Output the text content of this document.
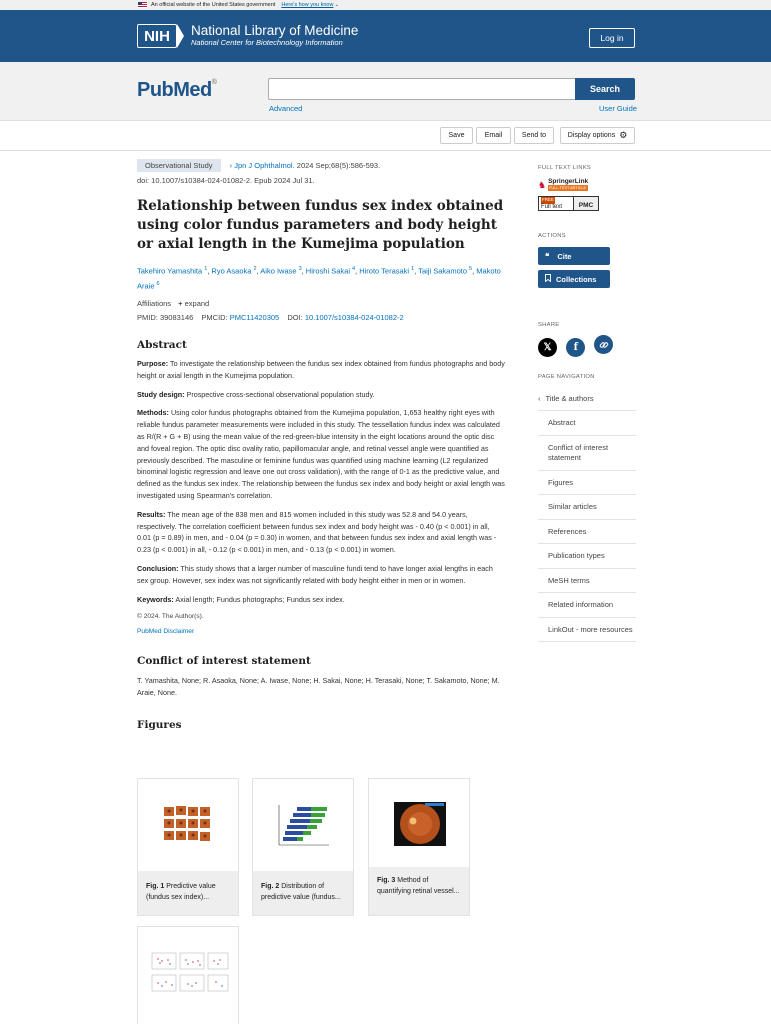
An official website of the United States government Here's how you know ⌄
NIH	National Library of Medicine
National Center for Biotechnology Information	Log in
PubMed®
Search
Advanced	User Guide
Save	Email	Send to	Display options ⚙
Observational Study › Jpn J Ophthalmol. 2024 Sep;68(5):586-593.
doi: 10.1007/s10384-024-01082-2. Epub 2024 Jul 31.
Relationship between fundus sex index obtained using color fundus parameters and body height or axial length in the Kumejima population
Takehiro Yamashita $^1$, Ryo Asaoka $^2$, Aiko Iwase $^3$, Hiroshi Sakai $^4$, Hiroto Terasaki $^1$, Taiji Sakamoto $^5$, Makoto Araie $^6$
Affiliations + expand
PMID: 39083146 PMCID: PMC11420305 DOI: 10.1007/s10384-024-01082-2
Abstract

Purpose: To investigate the relationship between the fundus sex index obtained from fundus photographs and body height or axial length in the Kumejima population.

Study design: Prospective cross-sectional observational population study.

Methods: Using color fundus photographs obtained from the Kumejima population, 1,653 healthy right eyes with reliable fundus parameter measurements were included in this study. The tessellation fundus index was calculated as R/(R + G + B) using the mean value of the red-green-blue intensity in the eight locations around the optic disc and foveal region. The optic disc ovality ratio, papillomacular angle, and retinal vessel angle were quantified as previously described. The masculine or feminine fundus was quantified using machine learning (L2 regularized binominal logistic regression and leave one out cross validation), with the range of 0-1 as the predictive value, and defined as the fundus sex index. The relationship between the fundus sex index and body height or axial length was investigated using Spearman's correlation.

Results: The mean age of the 838 men and 815 women included in this study was 52.8 and 54.0 years, respectively. The correlation coefficient between fundus sex index and body height was - 0.40 (p < 0.001) in all, 0.01 (p = 0.89) in men, and - 0.04 (p = 0.30) in women, and that between fundus sex index and axial length was - 0.23 (p < 0.001) in all, - 0.12 (p < 0.001) in men, and - 0.13 (p < 0.001) in women.

Conclusion: This study shows that a larger number of masculine fundi tend to have longer axial lengths in each sex group. However, sex index was not significantly related with body height either in men or in women.

Keywords: Axial length; Fundus photographs; Fundus sex index.

© 2024. The Author(s).
PubMed Disclaimer
Conflict of interest statement

T. Yamashita, None; R. Asaoka, None; A. Iwase, None; H. Sakai, None; H. Terasaki, None; T. Sakamoto, None; M. Araie, None.

Figures
Fig. 1 Predictive value (fundus sex index)...
Fig. 2 Distribution of predictive value (fundus...
Fig. 3 Method of quantifying retinal vessel...
FULL TEXT LINKS
♞ SpringerLink
FULL-TEXT ARTICLE
FREE
Full text	PMC
ACTIONS
❝ Cite
Collections
SHARE
𝕏 f
PAGE NAVIGATION
‹ Title & authors
Abstract
Conflict of interest statement
Figures
Similar articles
References
Publication types
MeSH terms
Related information
LinkOut - more resources
